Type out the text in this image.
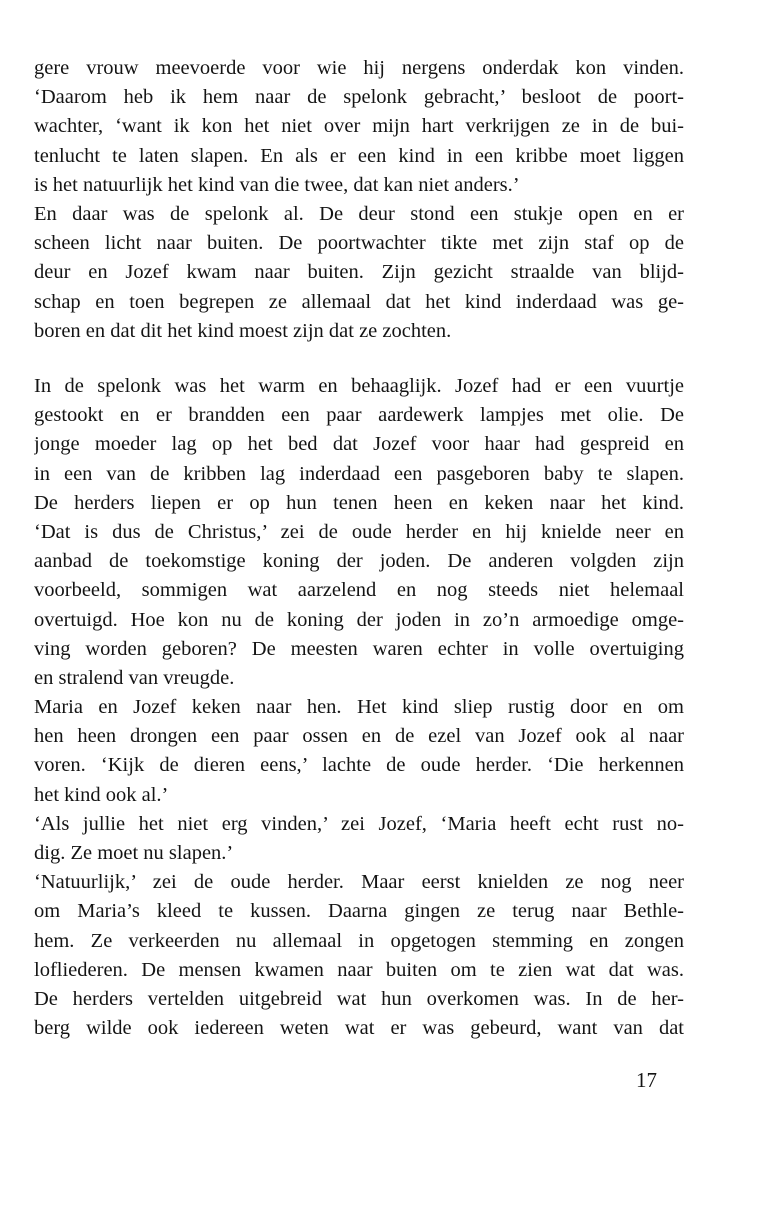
gere vrouw meevoerde voor wie hij nergens onderdak kon vinden.
‘Daarom heb ik hem naar de spelonk gebracht,’ besloot de poort-
wachter, ‘want ik kon het niet over mijn hart verkrijgen ze in de bui-
tenlucht te laten slapen. En als er een kind in een kribbe moet liggen
is het natuurlijk het kind van die twee, dat kan niet anders.’
En daar was de spelonk al. De deur stond een stukje open en er
scheen licht naar buiten. De poortwachter tikte met zijn staf op de
deur en Jozef kwam naar buiten. Zijn gezicht straalde van blijd-
schap en toen begrepen ze allemaal dat het kind inderdaad was ge-
boren en dat dit het kind moest zijn dat ze zochten.
In de spelonk was het warm en behaaglijk. Jozef had er een vuurtje
gestookt en er brandden een paar aardewerk lampjes met olie. De
jonge moeder lag op het bed dat Jozef voor haar had gespreid en
in een van de kribben lag inderdaad een pasgeboren baby te slapen.
De herders liepen er op hun tenen heen en keken naar het kind.
‘Dat is dus de Christus,’ zei de oude herder en hij knielde neer en
aanbad de toekomstige koning der joden. De anderen volgden zijn
voorbeeld, sommigen wat aarzelend en nog steeds niet helemaal
overtuigd. Hoe kon nu de koning der joden in zo’n armoedige omge-
ving worden geboren? De meesten waren echter in volle overtuiging
en stralend van vreugde.
Maria en Jozef keken naar hen. Het kind sliep rustig door en om
hen heen drongen een paar ossen en de ezel van Jozef ook al naar
voren. ‘Kijk de dieren eens,’ lachte de oude herder. ‘Die herkennen
het kind ook al.’
‘Als jullie het niet erg vinden,’ zei Jozef, ‘Maria heeft echt rust no-
dig. Ze moet nu slapen.’
‘Natuurlijk,’ zei de oude herder. Maar eerst knielden ze nog neer
om Maria’s kleed te kussen. Daarna gingen ze terug naar Bethle-
hem. Ze verkeerden nu allemaal in opgetogen stemming en zongen
lofliederen. De mensen kwamen naar buiten om te zien wat dat was.
De herders vertelden uitgebreid wat hun overkomen was. In de her-
berg wilde ook iedereen weten wat er was gebeurd, want van dat
17
